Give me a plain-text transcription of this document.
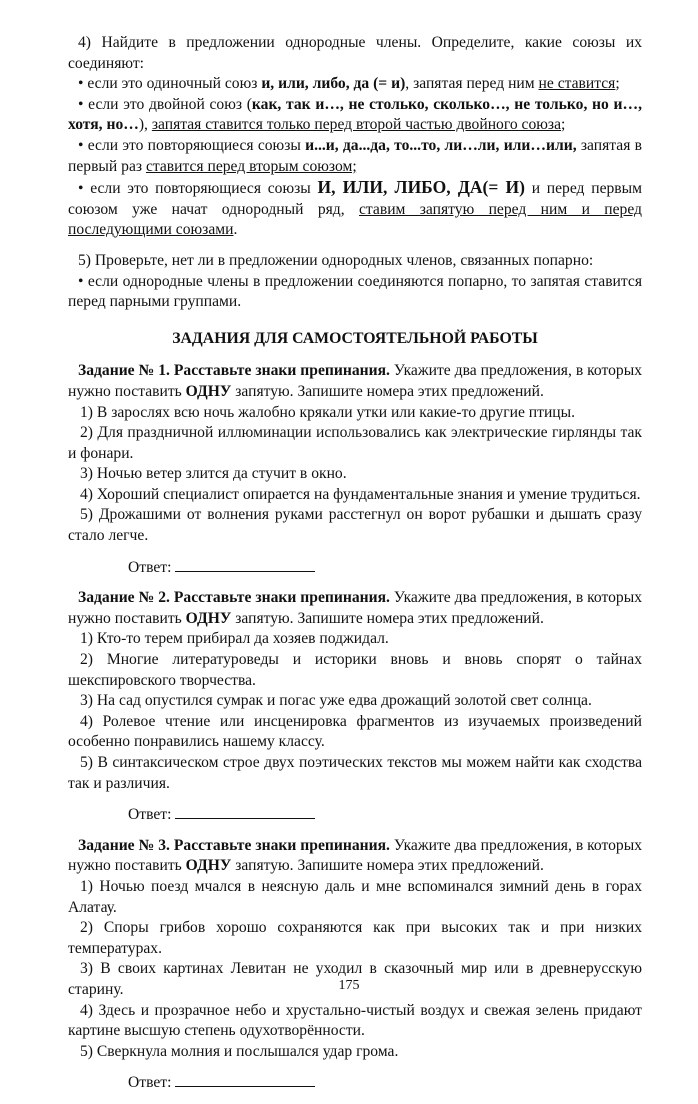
4) Найдите в предложении однородные члены. Определите, какие союзы их соединяют:
• если это одиночный союз и, или, либо, да (= и), запятая перед ним не ставится;
• если это двойной союз (как, так и…, не столько, сколько…, не только, но и…, хотя, но…), запятая ставится только перед второй частью двойного союза;
• если это повторяющиеся союзы и...и, да...да, то...то, ли…ли, или…или, запятая в первый раз ставится перед вторым союзом;
• если это повторяющиеся союзы И, ИЛИ, ЛИБО, ДА(= И) и перед первым союзом уже начат однородный ряд, ставим запятую перед ним и перед последующими союзами.
5) Проверьте, нет ли в предложении однородных членов, связанных попарно:
• если однородные члены в предложении соединяются попарно, то запятая ставится перед парными группами.
ЗАДАНИЯ ДЛЯ САМОСТОЯТЕЛЬНОЙ РАБОТЫ
Задание № 1. Расставьте знаки препинания. Укажите два предложения, в которых нужно поставить ОДНУ запятую. Запишите номера этих предложений.
1) В зарослях всю ночь жалобно крякали утки или какие-то другие птицы.
2) Для праздничной иллюминации использовались как электрические гирлянды так и фонари.
3) Ночью ветер злится да стучит в окно.
4) Хороший специалист опирается на фундаментальные знания и умение трудиться.
5) Дрожашими от волнения руками расстегнул он ворот рубашки и дышать сразу стало легче.
Ответ:
Задание № 2. Расставьте знаки препинания. Укажите два предложения, в которых нужно поставить ОДНУ запятую. Запишите номера этих предложений.
1) Кто-то терем прибирал да хозяев поджидал.
2) Многие литературоведы и историки вновь и вновь спорят о тайнах шекспировского творчества.
3) На сад опустился сумрак и погас уже едва дрожащий золотой свет солнца.
4) Ролевое чтение или инсценировка фрагментов из изучаемых произведений особенно понравились нашему классу.
5) В синтаксическом строе двух поэтических текстов мы можем найти как сходства так и различия.
Ответ:
Задание № 3. Расставьте знаки препинания. Укажите два предложения, в которых нужно поставить ОДНУ запятую. Запишите номера этих предложений.
1) Ночью поезд мчался в неясную даль и мне вспоминался зимний день в горах Алатау.
2) Споры грибов хорошо сохраняются как при высоких так и при низких температурах.
3) В своих картинах Левитан не уходил в сказочный мир или в древнерусскую старину.
4) Здесь и прозрачное небо и хрустально-чистый воздух и свежая зелень придают картине высшую степень одухотворённости.
5) Сверкнула молния и послышался удар грома.
Ответ:
175
